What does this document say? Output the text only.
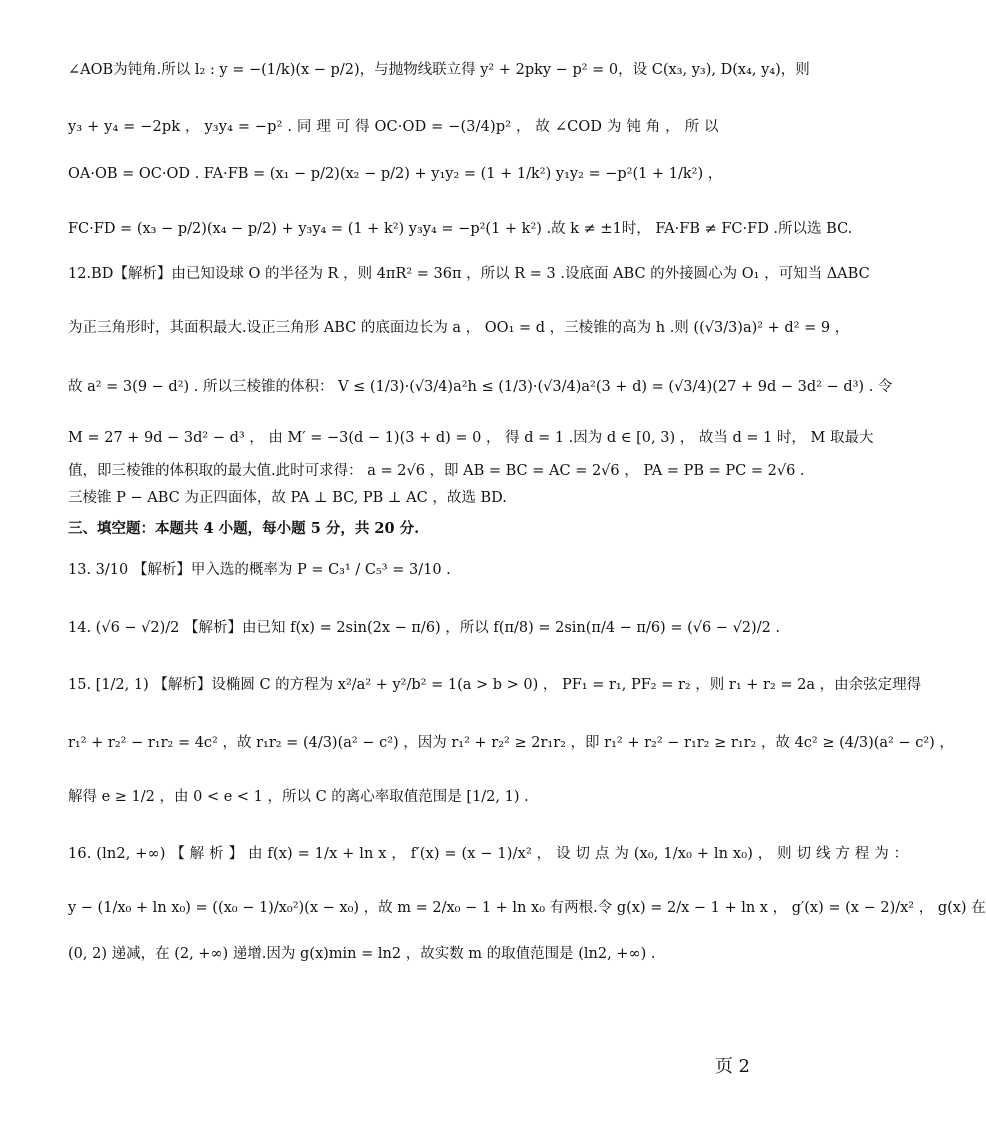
∠AOB为钝角.所以 l₂ : y = −(1/k)(x − p/2)，与抛物线联立得 y² + 2pky − p² = 0，设 C(x₃, y₃), D(x₄, y₄)，则
y₃ + y₄ = −2pk ， y₃y₄ = −p² . 同 理 可 得 OC·OD = −(3/4)p² ， 故 ∠COD 为 钝 角 ， 所 以
OA·OB = OC·OD . FA·FB = (x₁ − p/2)(x₂ − p/2) + y₁y₂ = (1 + 1/k²) y₁y₂ = −p²(1 + 1/k²) ，
FC·FD = (x₃ − p/2)(x₄ − p/2) + y₃y₄ = (1 + k²) y₃y₄ = −p²(1 + k²) .故 k ≠ ±1时， FA·FB ≠ FC·FD .所以选 BC.
12.BD【解析】由已知设球 O 的半径为 R ，则 4πR² = 36π ，所以 R = 3 .设底面 ABC 的外接圆心为 O₁ ，可知当 ΔABC
为正三角形时，其面积最大.设正三角形 ABC 的底面边长为 a ， OO₁ = d ，三棱锥的高为 h .则 ((√3/3)a)² + d² = 9 ，
故 a² = 3(9 − d²) . 所以三棱锥的体积： V ≤ (1/3)·(√3/4)a²h ≤ (1/3)·(√3/4)a²(3 + d) = (√3/4)(27 + 9d − 3d² − d³) . 令
M = 27 + 9d − 3d² − d³ ， 由 M′ = −3(d − 1)(3 + d) = 0 ， 得 d = 1 .因为 d ∈ [0, 3) ， 故当 d = 1 时， M 取最大
值，即三棱锥的体积取的最大值.此时可求得： a = 2√6 ，即 AB = BC = AC = 2√6 ， PA = PB = PC = 2√6 .
三棱锥 P − ABC 为正四面体，故 PA ⊥ BC, PB ⊥ AC ，故选 BD.
三、填空题：本题共 4 小题，每小题 5 分，共 20 分.
13. 3/10 【解析】甲入选的概率为 P = C₃¹ / C₅³ = 3/10 .
14. (√6 − √2)/2 【解析】由已知 f(x) = 2sin(2x − π/6) ，所以 f(π/8) = 2sin(π/4 − π/6) = (√6 − √2)/2 .
15. [1/2, 1) 【解析】设椭圆 C 的方程为 x²/a² + y²/b² = 1(a > b > 0) ， PF₁ = r₁, PF₂ = r₂ ，则 r₁ + r₂ = 2a ，由余弦定理得
r₁² + r₂² − r₁r₂ = 4c² ，故 r₁r₂ = (4/3)(a² − c²) ，因为 r₁² + r₂² ≥ 2r₁r₂ ，即 r₁² + r₂² − r₁r₂ ≥ r₁r₂ ，故 4c² ≥ (4/3)(a² − c²) ，
解得 e ≥ 1/2 ，由 0 < e < 1 ，所以 C 的离心率取值范围是 [1/2, 1) .
16. (ln2, +∞) 【 解 析 】 由 f(x) = 1/x + ln x ， f′(x) = (x − 1)/x² ， 设 切 点 为 (x₀, 1/x₀ + ln x₀) ， 则 切 线 方 程 为 ：
y − (1/x₀ + ln x₀) = ((x₀ − 1)/x₀²)(x − x₀) ，故 m = 2/x₀ − 1 + ln x₀ 有两根.令 g(x) = 2/x − 1 + ln x ， g′(x) = (x − 2)/x² ， g(x) 在
(0, 2) 递减，在 (2, +∞) 递增.因为 g(x)min = ln2 ，故实数 m 的取值范围是 (ln2, +∞) .
页 2
